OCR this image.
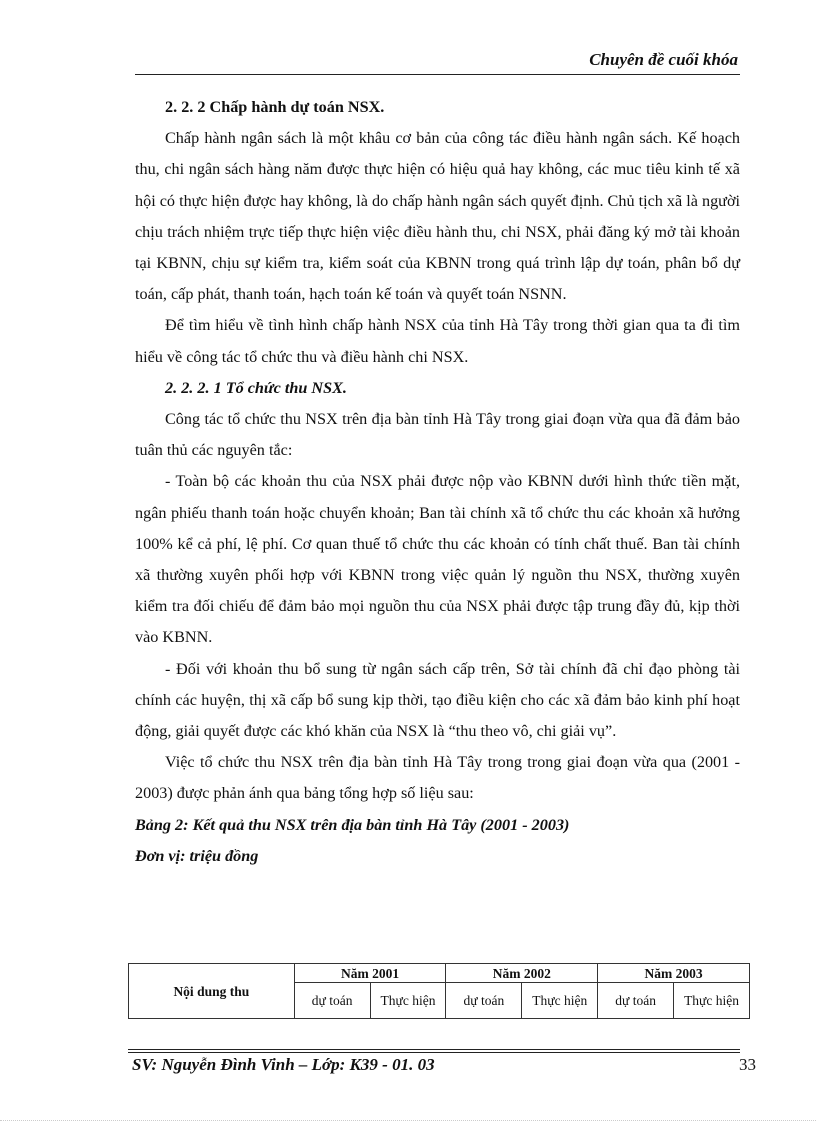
Chuyên đề cuối khóa

2. 2. 2 Chấp hành dự toán NSX.

Chấp hành ngân sách là một khâu cơ bản của công tác điều hành ngân sách. Kế hoạch thu, chi ngân sách hàng năm được thực hiện có hiệu quả hay không, các muc tiêu kinh tế xã hội có thực hiện được hay không, là do chấp hành ngân sách quyết định. Chủ tịch xã là người chịu trách nhiệm trực tiếp thực hiện việc điều hành thu, chi NSX, phải đăng ký mở tài khoản tại KBNN, chịu sự kiểm tra, kiểm soát của KBNN trong quá trình lập dự toán, phân bổ dự toán, cấp phát, thanh toán, hạch toán kế toán và quyết toán NSNN.

Để tìm hiểu về tình hình chấp hành NSX của tỉnh Hà Tây trong thời gian qua ta đi tìm hiểu về công tác tổ chức thu và điều hành chi NSX.

2. 2. 2. 1 Tổ chức thu NSX.

Công tác tổ chức thu NSX trên địa bàn tỉnh Hà Tây trong giai đoạn vừa qua đã đảm bảo tuân thủ các nguyên tắc:

- Toàn bộ các khoản thu của NSX phải được nộp vào KBNN dưới hình thức tiền mặt, ngân phiếu thanh toán hoặc chuyển khoản; Ban tài chính xã tổ chức thu các khoản xã hưởng 100% kể cả phí, lệ phí. Cơ quan thuế tổ chức thu các khoản có tính chất thuế. Ban tài chính xã thường xuyên phối hợp với KBNN trong việc quản lý nguồn thu NSX, thường xuyên kiểm tra đối chiếu để đảm bảo mọi nguồn thu của NSX phải được tập trung đầy đủ, kịp thời vào KBNN.

- Đối với khoản thu bổ sung từ ngân sách cấp trên, Sở tài chính đã chỉ đạo phòng tài chính các huyện, thị xã cấp bổ sung kịp thời, tạo điều kiện cho các xã đảm bảo kinh phí hoạt động, giải quyết được các khó khăn của NSX là “thu theo vô, chi giải vụ”.

Việc tổ chức thu NSX trên địa bàn tỉnh Hà Tây trong trong giai đoạn vừa qua (2001 - 2003) được phản ánh qua bảng tổng hợp số liệu sau:

Bảng 2: Kết quả thu NSX trên địa bàn tỉnh Hà Tây (2001 - 2003)

Đơn vị: triệu đồng

Nội dung thu	Năm 2001		Năm 2002		Năm 2003	
	dự toán	Thực hiện	dự toán	Thực hiện	dự toán	Thực hiện
SV: Nguyễn Đình Vinh – Lớp: K39 - 01. 03	33
